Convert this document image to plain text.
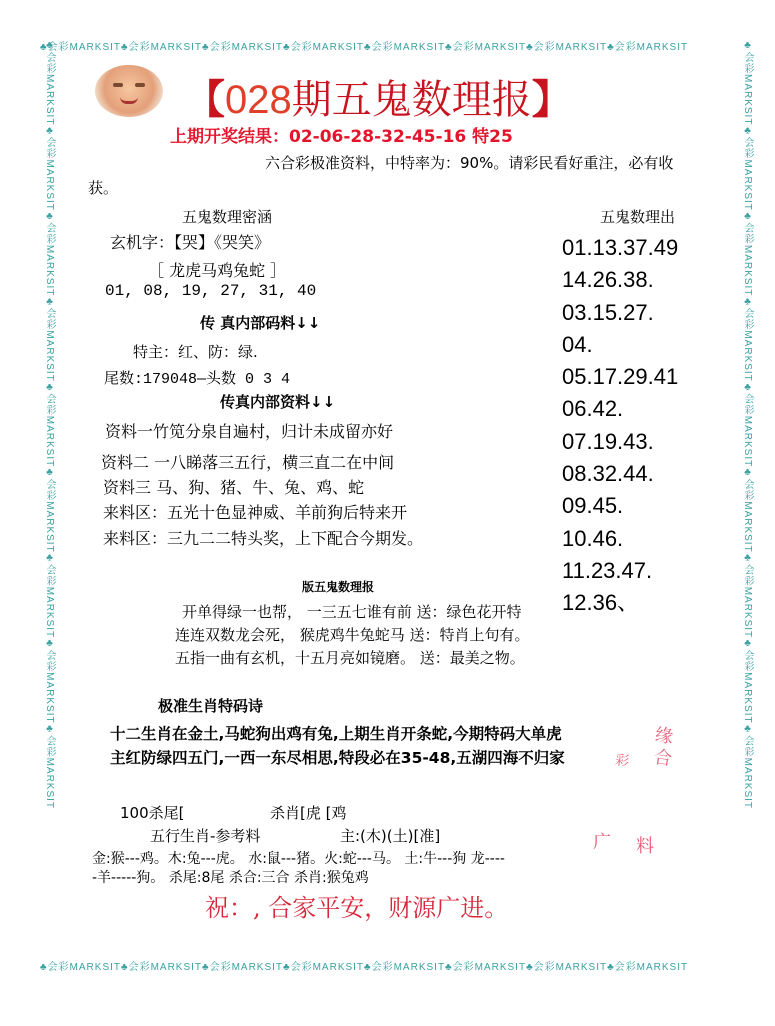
♣会彩MARKSIT♣会彩MARKSIT♣会彩MARKSIT♣会彩MARKSIT♣会彩MARKSIT♣会彩MARKSIT♣会彩MARKSIT♣会彩MARKSIT
♣会彩MARKSIT♣会彩MARKSIT♣会彩MARKSIT♣会彩MARKSIT♣会彩MARKSIT♣会彩MARKSIT♣会彩MARKSIT♣会彩MARKSIT
♣会彩MARKSIT♣会彩MARKSIT♣会彩MARKSIT♣会彩MARKSIT♣会彩MARKSIT♣会彩MARKSIT♣会彩MARKSIT♣会彩MARKSIT♣会彩MARKSIT	♣会彩MARKSIT♣会彩MARKSIT♣会彩MARKSIT♣会彩MARKSIT♣会彩MARKSIT♣会彩MARKSIT♣会彩MARKSIT♣会彩MARKSIT♣会彩MARKSIT
【028期五鬼数理报】
上期开奖结果：02-06-28-32-45-16 特25
六合彩极准资料，中特率为：90%。请彩民看好重注，必有收
获。
五鬼数理密涵
玄机字：【哭】《哭笑》
［ 龙虎马鸡兔蛇 ］
01, 08, 19, 27, 31, 40
传 真内部码料↓↓
特主：红、防：绿.
尾数:179048—头数 0 3 4
传真内部资料↓↓
资料一竹笕分泉自遍村，归计未成留亦好
资料二 一八睇落三五行，横三直二在中间
资料三 马、狗、猪、牛、兔、鸡、蛇
来料区：五光十色显神威、羊前狗后特来开
来料区：三九二二特头奖，上下配合今期发。
五鬼数理出
01.13.37.49
14.26.38.
03.15.27.
04.
05.17.29.41
06.42.
07.19.43.
08.32.44.
09.45.
10.46.
11.23.47.
12.36、
版五鬼数理报
开单得绿一也帮， 一三五七谁有前 送：绿色花开特
连连双数龙会死， 猴虎鸡牛兔蛇马 送：特肖上句有。
五指一曲有玄机，十五月亮如镜磨。 送：最美之物。
极准生肖特码诗
十二生肖在金土,马蛇狗出鸡有兔,上期生肖开条蛇,今期特码大单虎
主红防绿四五门,一西一东尽相思,特段必在35-48,五湖四海不归家
缘
合
彩
100杀尾[	杀肖[虎 [鸡
五行生肖-参考料	主:(木)(土)[准]
金:猴---鸡。木:兔---虎。 水:鼠---猪。火:蛇---马。 土:牛---狗 龙----
-羊-----狗。 杀尾:8尾 杀合:三合 杀肖:猴兔鸡
广 料
祝：, 合家平安，财源广进。
